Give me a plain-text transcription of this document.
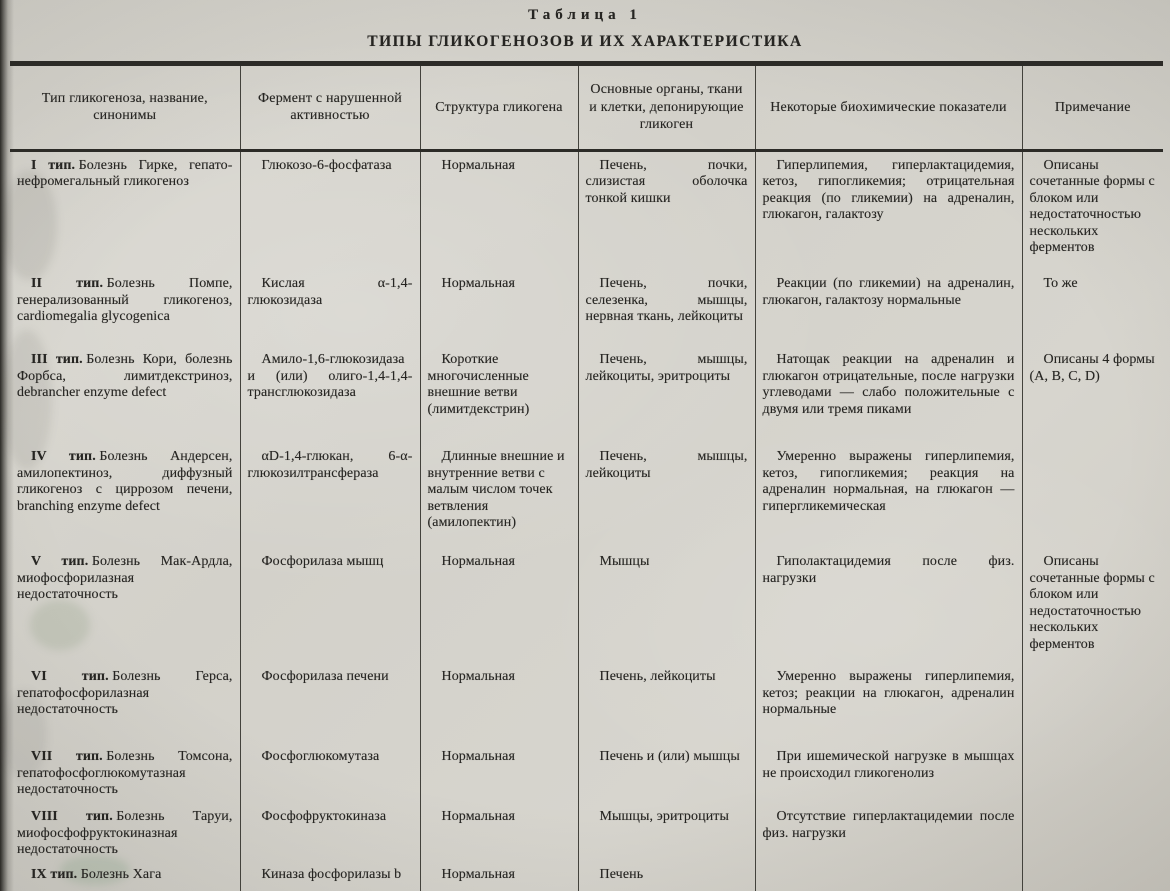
Таблица 1

ТИПЫ ГЛИКОГЕНОЗОВ И ИХ ХАРАКТЕРИСТИКА

Тип гликогеноза, название, синонимы	Фермент с нарушенной активностью	Структура гликогена	Основные органы, ткани и клетки, депонирующие гликоген	Некоторые биохимические показатели	Примечание

I тип. Болезнь Гирке, гепато-нефромегальный гликогеноз	Глюкозо-6-фосфатаза	Нормальная	Печень, почки, слизистая оболочка тонкой кишки	Гиперлипемия, гиперлактацидемия, кетоз, гипогликемия; отрицательная реакция (по гликемии) на адреналин, глюкагон, галактозу	Описаны сочетанные формы с блоком или недостаточностью нескольких ферментов

II тип. Болезнь Помпе, генерализованный гликогеноз, cardiomegalia glycogenica	Кислая α-1,4-глюкозидаза	Нормальная	Печень, почки, селезенка, мышцы, нервная ткань, лейкоциты	Реакции (по гликемии) на адреналин, глюкагон, галактозу нормальные	То же

III тип. Болезнь Кори, болезнь Форбса, лимитдекстриноз, debrancher enzyme defect	Амило-1,6-глюкозидаза и (или) олиго-1,4-1,4-трансглюкозидаза	Короткие многочисленные внешние ветви (лимитдекстрин)	Печень, мышцы, лейкоциты, эритроциты	Натощак реакции на адреналин и глюкагон отрицательные, после нагрузки углеводами — слабо положительные с двумя или тремя пиками	Описаны 4 формы (А, В, С, D)

IV тип. Болезнь Андерсен, амилопектиноз, диффузный гликогеноз с циррозом печени, branching enzyme defect	αD-1,4-глюкан, 6-α-глюкозилтрансфераза	Длинные внешние и внутренние ветви с малым числом точек ветвления (амилопектин)	Печень, мышцы, лейкоциты	Умеренно выражены гиперлипемия, кетоз, гипогликемия; реакция на адреналин нормальная, на глюкагон — гипергликемическая	

V тип. Болезнь Мак-Ардла, миофосфорилазная недостаточность	Фосфорилаза мышц	Нормальная	Мышцы	Гиполактацидемия после физ. нагрузки	Описаны сочетанные формы с блоком или недостаточностью нескольких ферментов

VI тип. Болезнь Герса, гепатофосфорилазная недостаточность	Фосфорилаза печени	Нормальная	Печень, лейкоциты	Умеренно выражены гиперлипемия, кетоз; реакции на глюкагон, адреналин нормальные	

VII тип. Болезнь Томсона, гепатофосфоглюкомутазная недостаточность	Фосфоглюкомутаза	Нормальная	Печень и (или) мышцы	При ишемической нагрузке в мышцах не происходил гликогенолиз	

VIII тип. Болезнь Таруи, миофосфофруктокиназная недостаточность	Фосфофруктокиназа	Нормальная	Мышцы, эритроциты	Отсутствие гиперлактацидемии после физ. нагрузки	

IX тип. Болезнь Хага	Киназа фосфорилазы b	Нормальная	Печень		
